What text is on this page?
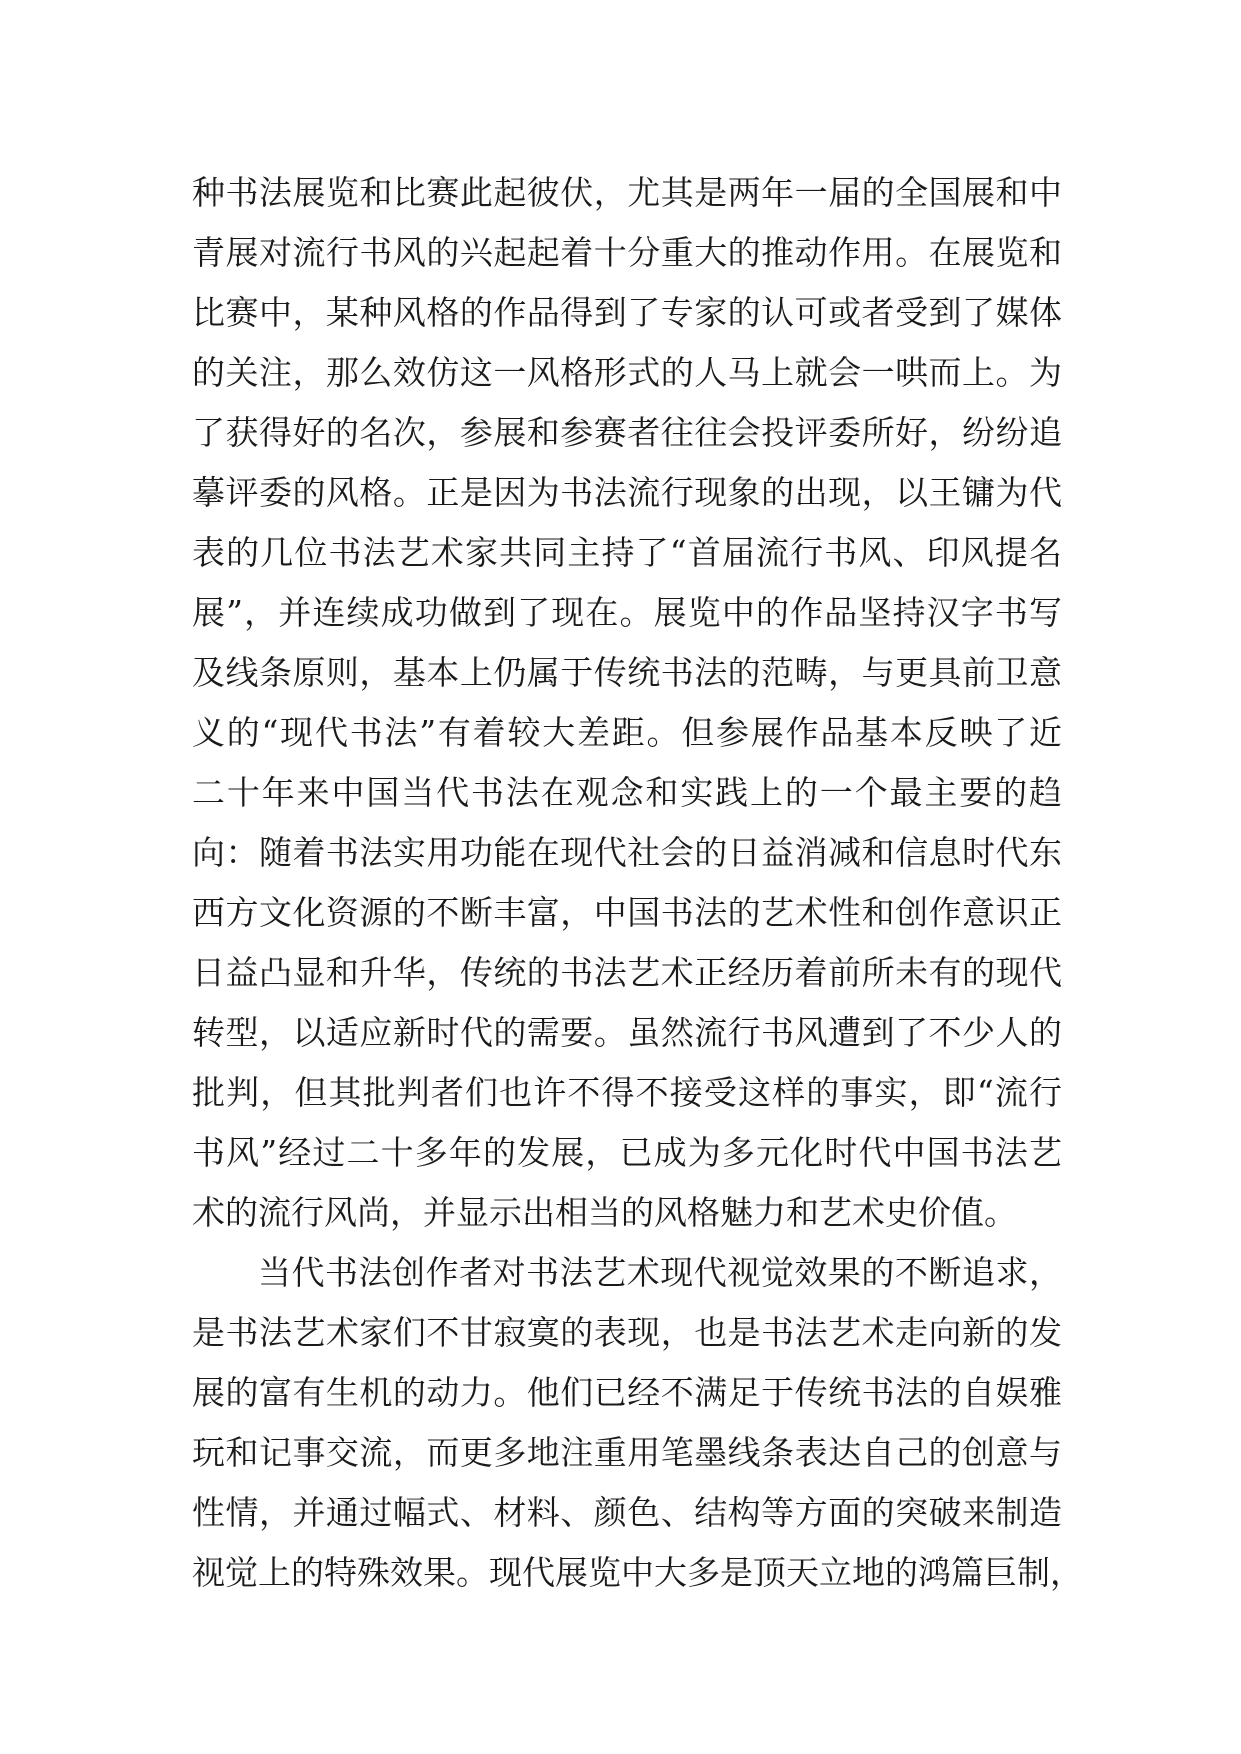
种书法展览和比赛此起彼伏，尤其是两年一届的全国展和中
青展对流行书风的兴起起着十分重大的推动作用。在展览和
比赛中，某种风格的作品得到了专家的认可或者受到了媒体
的关注，那么效仿这一风格形式的人马上就会一哄而上。为
了获得好的名次，参展和参赛者往往会投评委所好，纷纷追
摹评委的风格。正是因为书法流行现象的出现，以王镛为代
表的几位书法艺术家共同主持了“首届流行书风、印风提名
展”，并连续成功做到了现在。展览中的作品坚持汉字书写
及线条原则，基本上仍属于传统书法的范畴，与更具前卫意
义的“现代书法”有着较大差距。但参展作品基本反映了近
二十年来中国当代书法在观念和实践上的一个最主要的趋
向：随着书法实用功能在现代社会的日益消减和信息时代东
西方文化资源的不断丰富，中国书法的艺术性和创作意识正
日益凸显和升华，传统的书法艺术正经历着前所未有的现代
转型，以适应新时代的需要。虽然流行书风遭到了不少人的
批判，但其批判者们也许不得不接受这样的事实，即“流行
书风”经过二十多年的发展，已成为多元化时代中国书法艺
术的流行风尚，并显示出相当的风格魅力和艺术史价值。
当代书法创作者对书法艺术现代视觉效果的不断追求，
是书法艺术家们不甘寂寞的表现，也是书法艺术走向新的发
展的富有生机的动力。他们已经不满足于传统书法的自娱雅
玩和记事交流，而更多地注重用笔墨线条表达自己的创意与
性情，并通过幅式、材料、颜色、结构等方面的突破来制造
视觉上的特殊效果。现代展览中大多是顶天立地的鸿篇巨制，
